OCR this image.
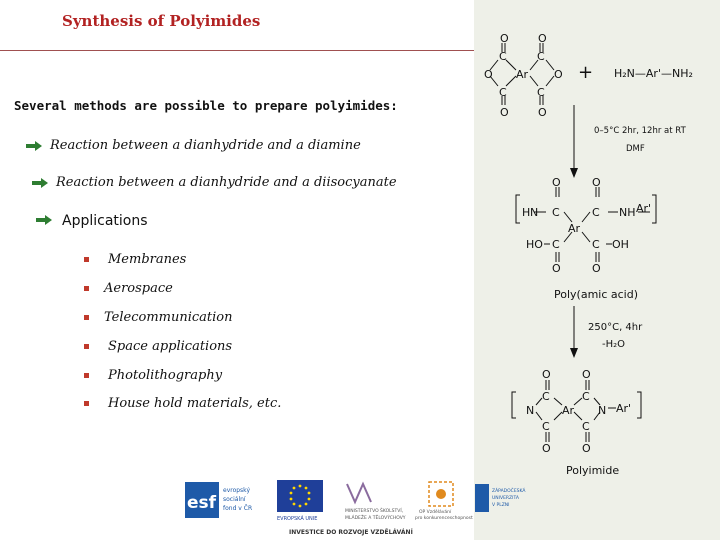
Synthesis of Polyimides
Several methods are possible to prepare polyimides:
Reaction between a dianhydride and a diamine
Reaction between a dianhydride and a diisocyanate
Applications
Membranes
Aerospace
Telecommunication
Space applications
Photolithography
House hold materials, etc.
O	O
C	C
O Ar O
C	C
O	O
+ H₂N—Ar'—NH₂
0–5°C 2hr, 12hr at RT
DMF
O	O
H N C	C NH Ar'
Ar
HO C	C OH
O	O
Poly(amic acid)
250°C, 4hr
-H₂O
O	O
C	C
N	Ar N Ar'
C	C
O	O
Polyimide
esf
evropský
sociální
fond v ČR
EVROPSKÁ UNIE
MINISTERSTVO ŠKOLSTVÍ,
MLÁDEŽE A TĚLOVÝCHOVY
OP Vzdělávání
pro konkurenceschopnost
ZÁPADOČESKÁ
UNIVERZITA
V PLZNI
INVESTICE DO ROZVOJE VZDĚLÁVÁNÍ
